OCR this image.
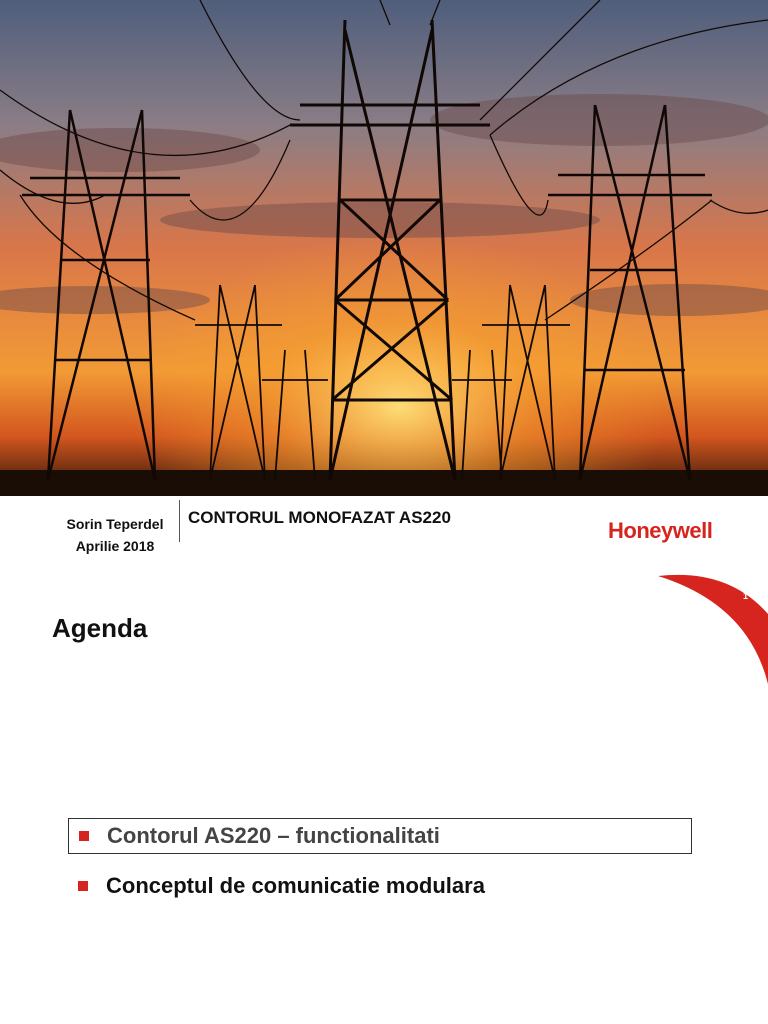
Sorin Teperdel
Aprilie 2018
CONTORUL MONOFAZAT AS220
Honeywell
1
Agenda
Contorul AS220 – functionalitati
Conceptul de comunicatie modulara
